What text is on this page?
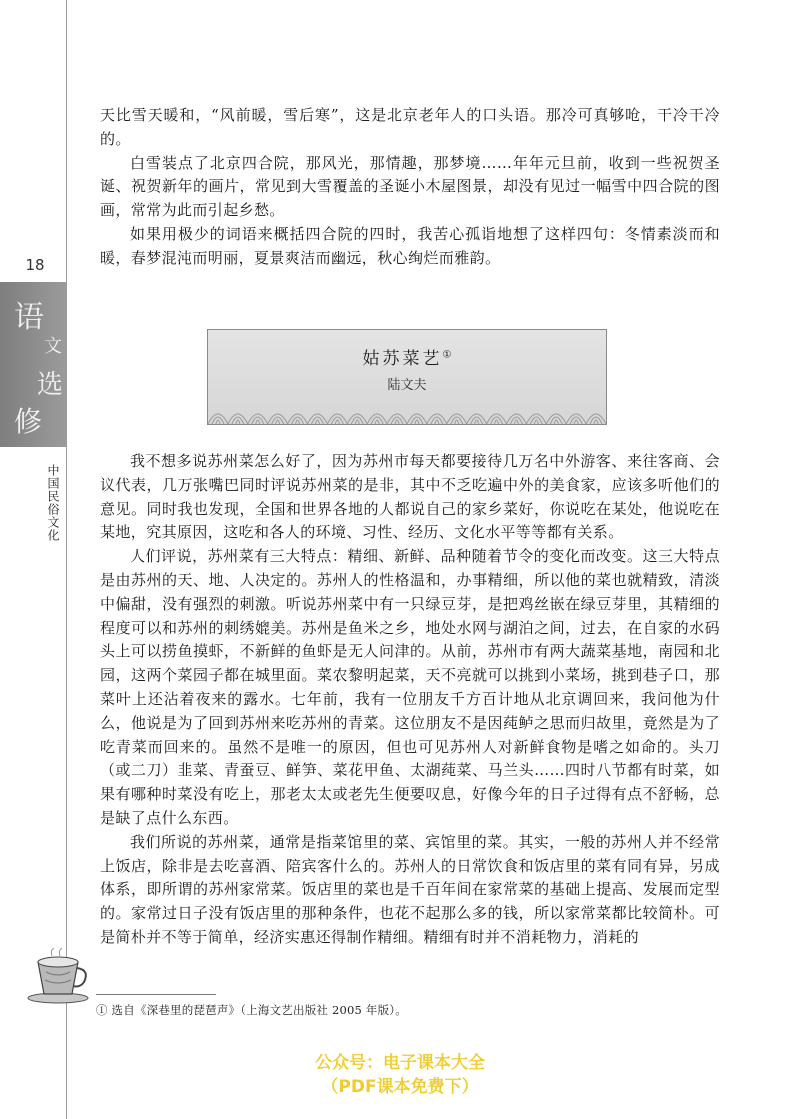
18
语
文
选
修
中国民俗文化

天比雪天暖和，“风前暖，雪后寒”，这是北京老年人的口头语。那冷可真够呛，干冷干冷的。

白雪装点了北京四合院，那风光，那情趣，那梦境……年年元旦前，收到一些祝贺圣诞、祝贺新年的画片，常见到大雪覆盖的圣诞小木屋图景，却没有见过一幅雪中四合院的图画，常常为此而引起乡愁。

如果用极少的词语来概括四合院的四时，我苦心孤诣地想了这样四句：冬情素淡而和暖，春梦混沌而明丽，夏景爽洁而幽远，秋心绚烂而雅韵。

姑苏菜艺①
陆文夫

我不想多说苏州菜怎么好了，因为苏州市每天都要接待几万名中外游客、来往客商、会议代表，几万张嘴巴同时评说苏州菜的是非，其中不乏吃遍中外的美食家，应该多听他们的意见。同时我也发现，全国和世界各地的人都说自己的家乡菜好，你说吃在某处，他说吃在某地，究其原因，这吃和各人的环境、习性、经历、文化水平等等都有关系。

人们评说，苏州菜有三大特点：精细、新鲜、品种随着节令的变化而改变。这三大特点是由苏州的天、地、人决定的。苏州人的性格温和，办事精细，所以他的菜也就精致，清淡中偏甜，没有强烈的刺激。听说苏州菜中有一只绿豆芽，是把鸡丝嵌在绿豆芽里，其精细的程度可以和苏州的刺绣媲美。苏州是鱼米之乡，地处水网与湖泊之间，过去，在自家的水码头上可以捞鱼摸虾，不新鲜的鱼虾是无人问津的。从前，苏州市有两大蔬菜基地，南园和北园，这两个菜园子都在城里面。菜农黎明起菜，天不亮就可以挑到小菜场，挑到巷子口，那菜叶上还沾着夜来的露水。七年前，我有一位朋友千方百计地从北京调回来，我问他为什么，他说是为了回到苏州来吃苏州的青菜。这位朋友不是因莼鲈之思而归故里，竟然是为了吃青菜而回来的。虽然不是唯一的原因，但也可见苏州人对新鲜食物是嗜之如命的。头刀（或二刀）韭菜、青蚕豆、鲜笋、菜花甲鱼、太湖莼菜、马兰头……四时八节都有时菜，如果有哪种时菜没有吃上，那老太太或老先生便要叹息，好像今年的日子过得有点不舒畅，总是缺了点什么东西。

我们所说的苏州菜，通常是指菜馆里的菜、宾馆里的菜。其实，一般的苏州人并不经常上饭店，除非是去吃喜酒、陪宾客什么的。苏州人的日常饮食和饭店里的菜有同有异，另成体系，即所谓的苏州家常菜。饭店里的菜也是千百年间在家常菜的基础上提高、发展而定型的。家常过日子没有饭店里的那种条件，也花不起那么多的钱，所以家常菜都比较简朴。可是简朴并不等于简单，经济实惠还得制作精细。精细有时并不消耗物力，消耗的

① 选自《深巷里的琵琶声》（上海文艺出版社 2005 年版）。
公众号：电子课本大全
（PDF课本免费下）
